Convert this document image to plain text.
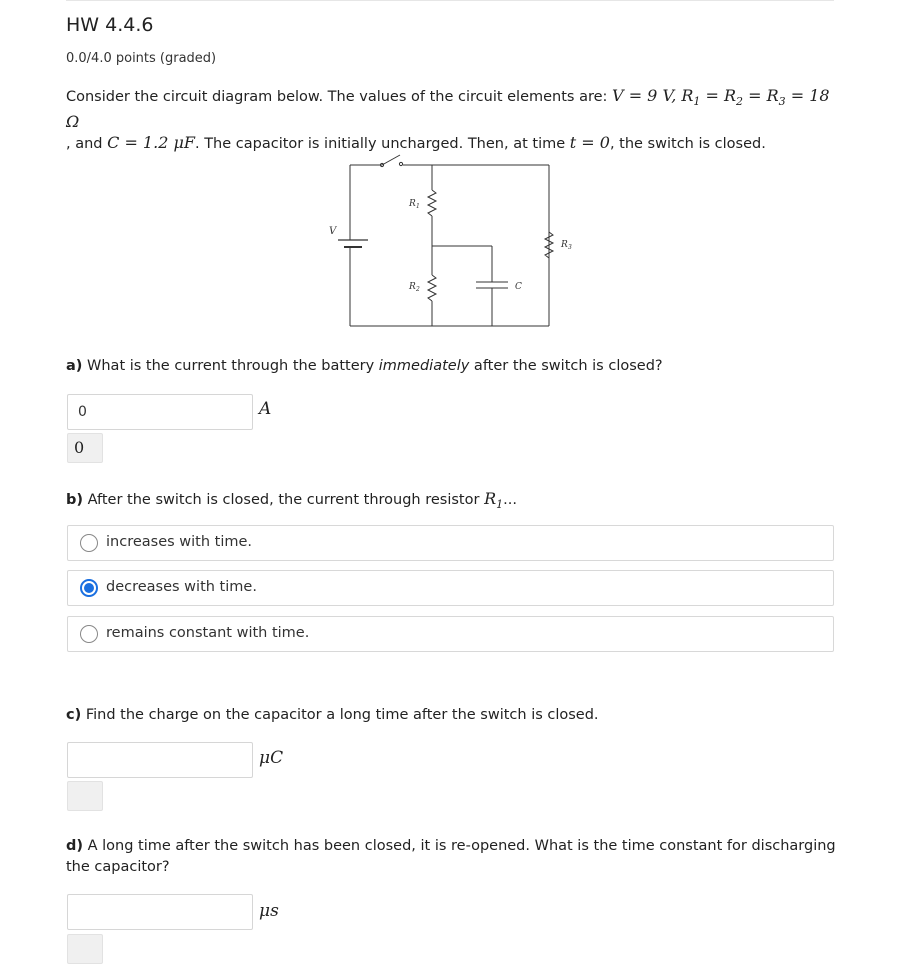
HW 4.4.6
0.0/4.0 points (graded)
Consider the circuit diagram below. The values of the circuit elements are: V = 9 V, $R_1 = R_2 = R_3 = 18$ Ω
, and C = 1.2 μF. The capacitor is initially uncharged. Then, at time t = 0, the switch is closed.
V
R 1
R 2
R 3
C
a) What is the current through the battery immediately after the switch is closed?
0	A
0
b) After the switch is closed, the current through resistor $R_1$...
increases with time.
decreases with time.
remains constant with time.
c) Find the charge on the capacitor a long time after the switch is closed.
μC
d) A long time after the switch has been closed, it is re-opened. What is the time constant for discharging the capacitor?
μs
